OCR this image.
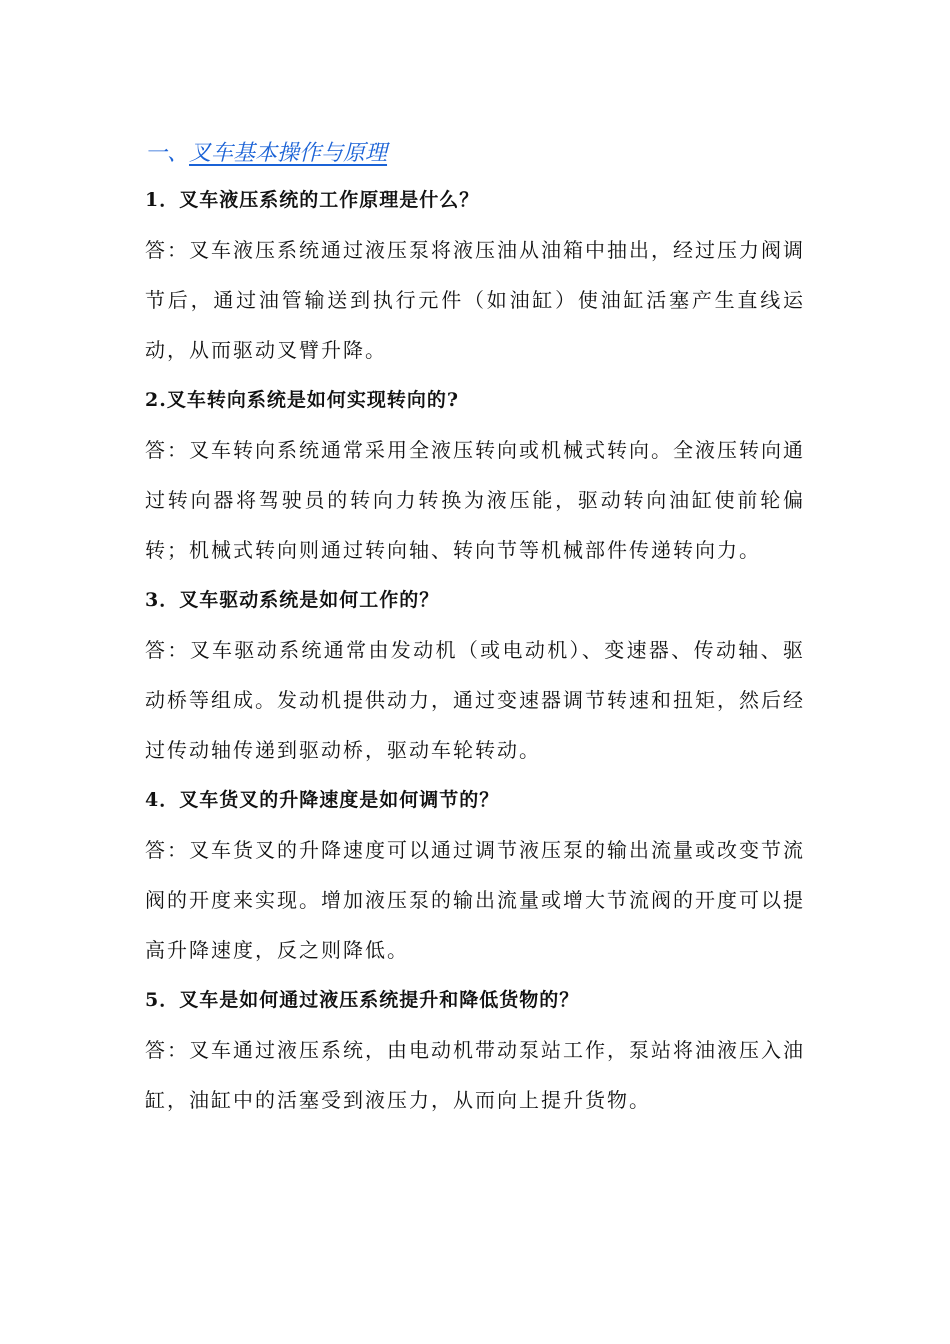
一、叉车基本操作与原理

1．叉车液压系统的工作原理是什么？

答：叉车液压系统通过液压泵将液压油从油箱中抽出，经过压力阀调节后，通过油管输送到执行元件（如油缸）使油缸活塞产生直线运动，从而驱动叉臂升降。

2.叉车转向系统是如何实现转向的?

答：叉车转向系统通常采用全液压转向或机械式转向。全液压转向通过转向器将驾驶员的转向力转换为液压能，驱动转向油缸使前轮偏转；机械式转向则通过转向轴、转向节等机械部件传递转向力。

3．叉车驱动系统是如何工作的？

答：叉车驱动系统通常由发动机（或电动机）、变速器、传动轴、驱动桥等组成。发动机提供动力，通过变速器调节转速和扭矩，然后经过传动轴传递到驱动桥，驱动车轮转动。

4．叉车货叉的升降速度是如何调节的？

答：叉车货叉的升降速度可以通过调节液压泵的输出流量或改变节流阀的开度来实现。增加液压泵的输出流量或增大节流阀的开度可以提高升降速度，反之则降低。

5．叉车是如何通过液压系统提升和降低货物的？

答：叉车通过液压系统，由电动机带动泵站工作，泵站将油液压入油缸，油缸中的活塞受到液压力，从而向上提升货物。
